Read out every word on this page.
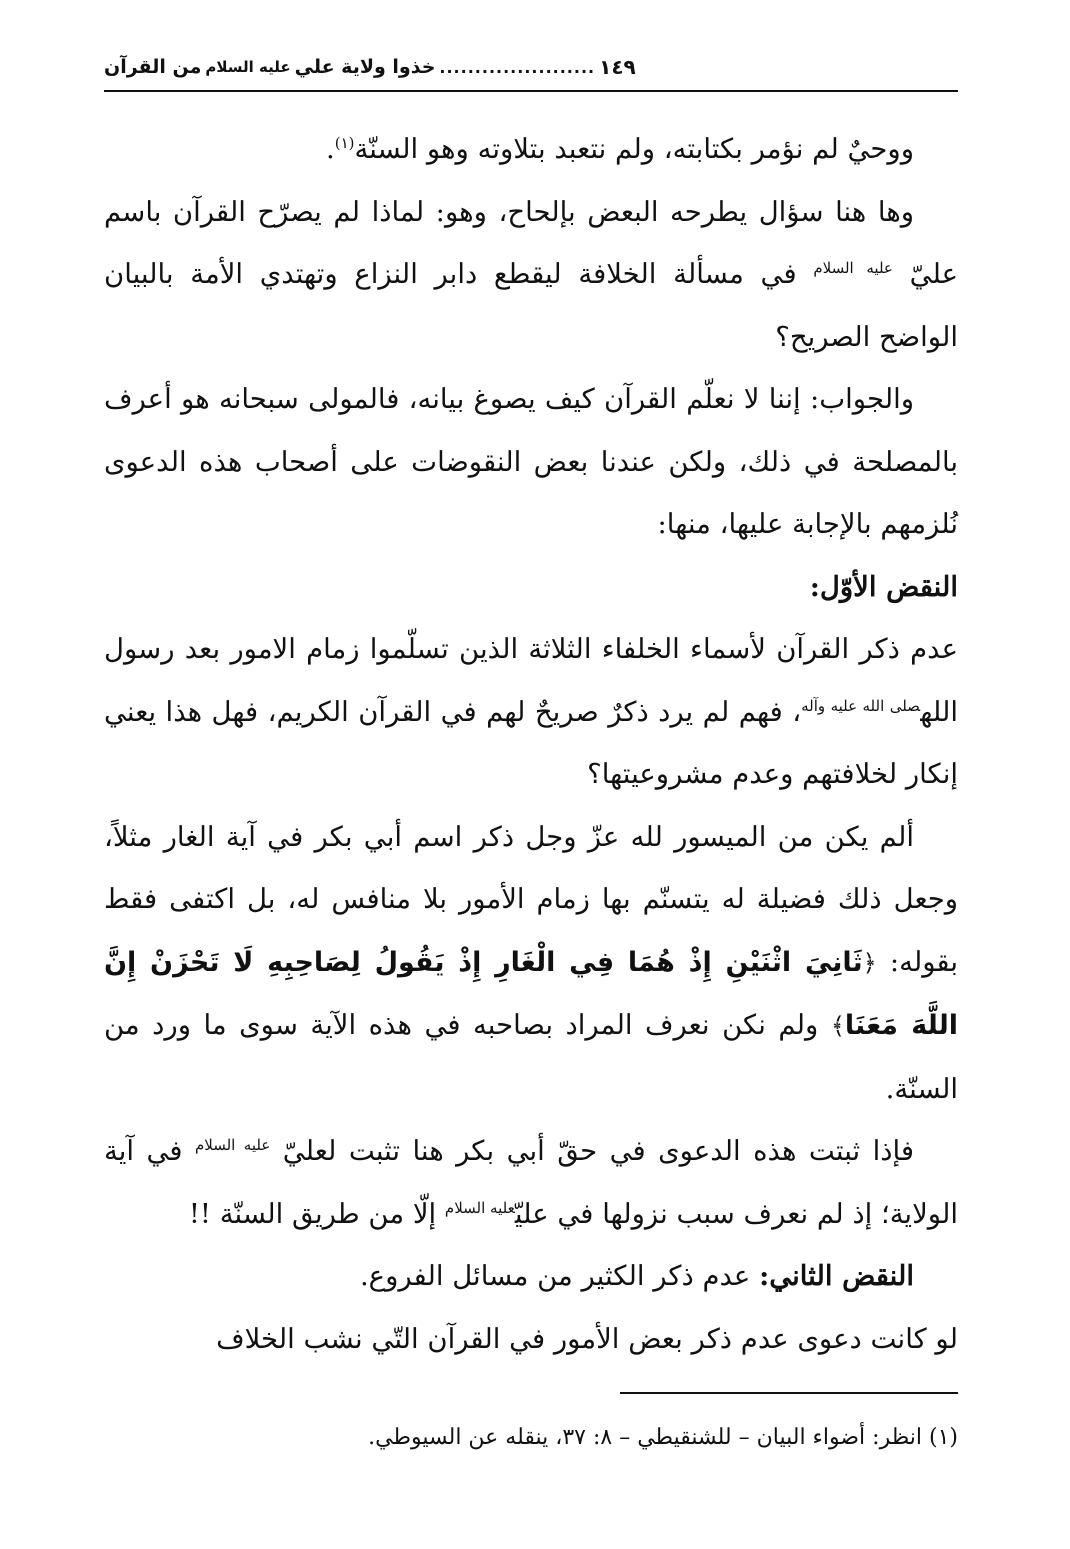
١٤٩
......................
خذوا ولاية علي
عليه السلام
من القرآن

ووحيٌ لم نؤمر بكتابته، ولم نتعبد بتلاوته وهو السنّة$^{(١)}$.

وها هنا سؤال يطرحه البعض بإلحاح، وهو: لماذا لم يصرّح القرآن باسم عليّ $^{عليه السلام}$ في مسألة الخلافة ليقطع دابر النزاع وتهتدي الأمة بالبيان الواضح الصريح؟

والجواب: إننا لا نعلّم القرآن كيف يصوغ بيانه، فالمولى سبحانه هو أعرف بالمصلحة في ذلك، ولكن عندنا بعض النقوضات على أصحاب هذه الدعوى نُلزمهم بالإجابة عليها، منها:

النقض الأوّل:

عدم ذكر القرآن لأسماء الخلفاء الثلاثة الذين تسلّموا زمام الامور بعد رسول الله$^{صلى الله عليه وآله}$، فهم لم يرد ذكرٌ صريحٌ لهم في القرآن الكريم، فهل هذا يعني إنكار لخلافتهم وعدم مشروعيتها؟

ألم يكن من الميسور لله عزّ وجل ذكر اسم أبي بكر في آية الغار مثلاً، وجعل ذلك فضيلة له يتسنّم بها زمام الأمور بلا منافس له، بل اكتفى فقط بقوله: ﴿ثَانِيَ اثْنَيْنِ إِذْ هُمَا فِي الْغَارِ إِذْ يَقُولُ لِصَاحِبِهِ لَا تَحْزَنْ إِنَّ اللَّهَ مَعَنَا﴾ ولم نكن نعرف المراد بصاحبه في هذه الآية سوى ما ورد من السنّة.

فإذا ثبتت هذه الدعوى في حقّ أبي بكر هنا تثبت لعليّ $^{عليه السلام}$ في آية الولاية؛ إذ لم نعرف سبب نزولها في عليّ$^{عليه السلام}$ إلّا من طريق السنّة !!

النقض الثاني: عدم ذكر الكثير من مسائل الفروع.

لو كانت دعوى عدم ذكر بعض الأمور في القرآن التّي نشب الخلاف

(١) انظر: أضواء البيان – للشنقيطي – ٨: ٣٧، ينقله عن السيوطي.
